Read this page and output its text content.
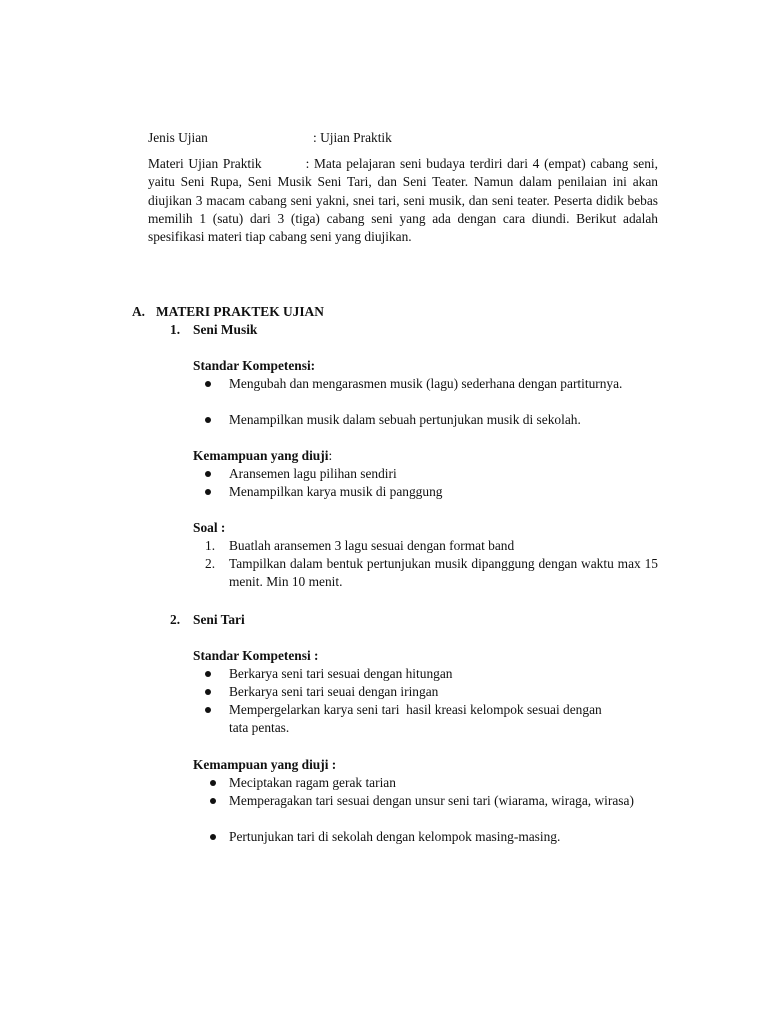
Jenis Ujian	: Ujian Praktik
Materi Ujian Praktik	: Mata pelajaran seni budaya terdiri dari 4 (empat) cabang seni, yaitu Seni Rupa, Seni Musik Seni Tari, dan Seni Teater. Namun dalam penilaian ini akan diujikan 3 macam cabang seni yakni, snei tari, seni musik, dan seni teater. Peserta didik bebas memilih 1 (satu) dari 3 (tiga) cabang seni yang ada dengan cara diundi. Berikut adalah spesifikasi materi tiap cabang seni yang diujikan.
A. MATERI PRAKTEK UJIAN
1. Seni Musik
Standar Kompetensi:
Mengubah dan mengarasmen musik (lagu) sederhana dengan partiturnya.
Menampilkan musik dalam sebuah pertunjukan musik di sekolah.
Kemampuan yang diuji:
Aransemen lagu pilihan sendiri
Menampilkan karya musik di panggung
Soal :
1. Buatlah aransemen 3 lagu sesuai dengan format band
2. Tampilkan dalam bentuk pertunjukan musik dipanggung dengan waktu max 15 menit. Min 10 menit.
2. Seni Tari
Standar Kompetensi :
Berkarya seni tari sesuai dengan hitungan
Berkarya seni tari seuai dengan iringan
Mempergelarkan karya seni tari  hasil kreasi kelompok sesuai dengan tata pentas.
Kemampuan yang diuji :
Meciptakan ragam gerak tarian
Memperagakan tari sesuai dengan unsur seni tari (wiarama, wiraga, wirasa)
Pertunjukan tari di sekolah dengan kelompok masing-masing.
